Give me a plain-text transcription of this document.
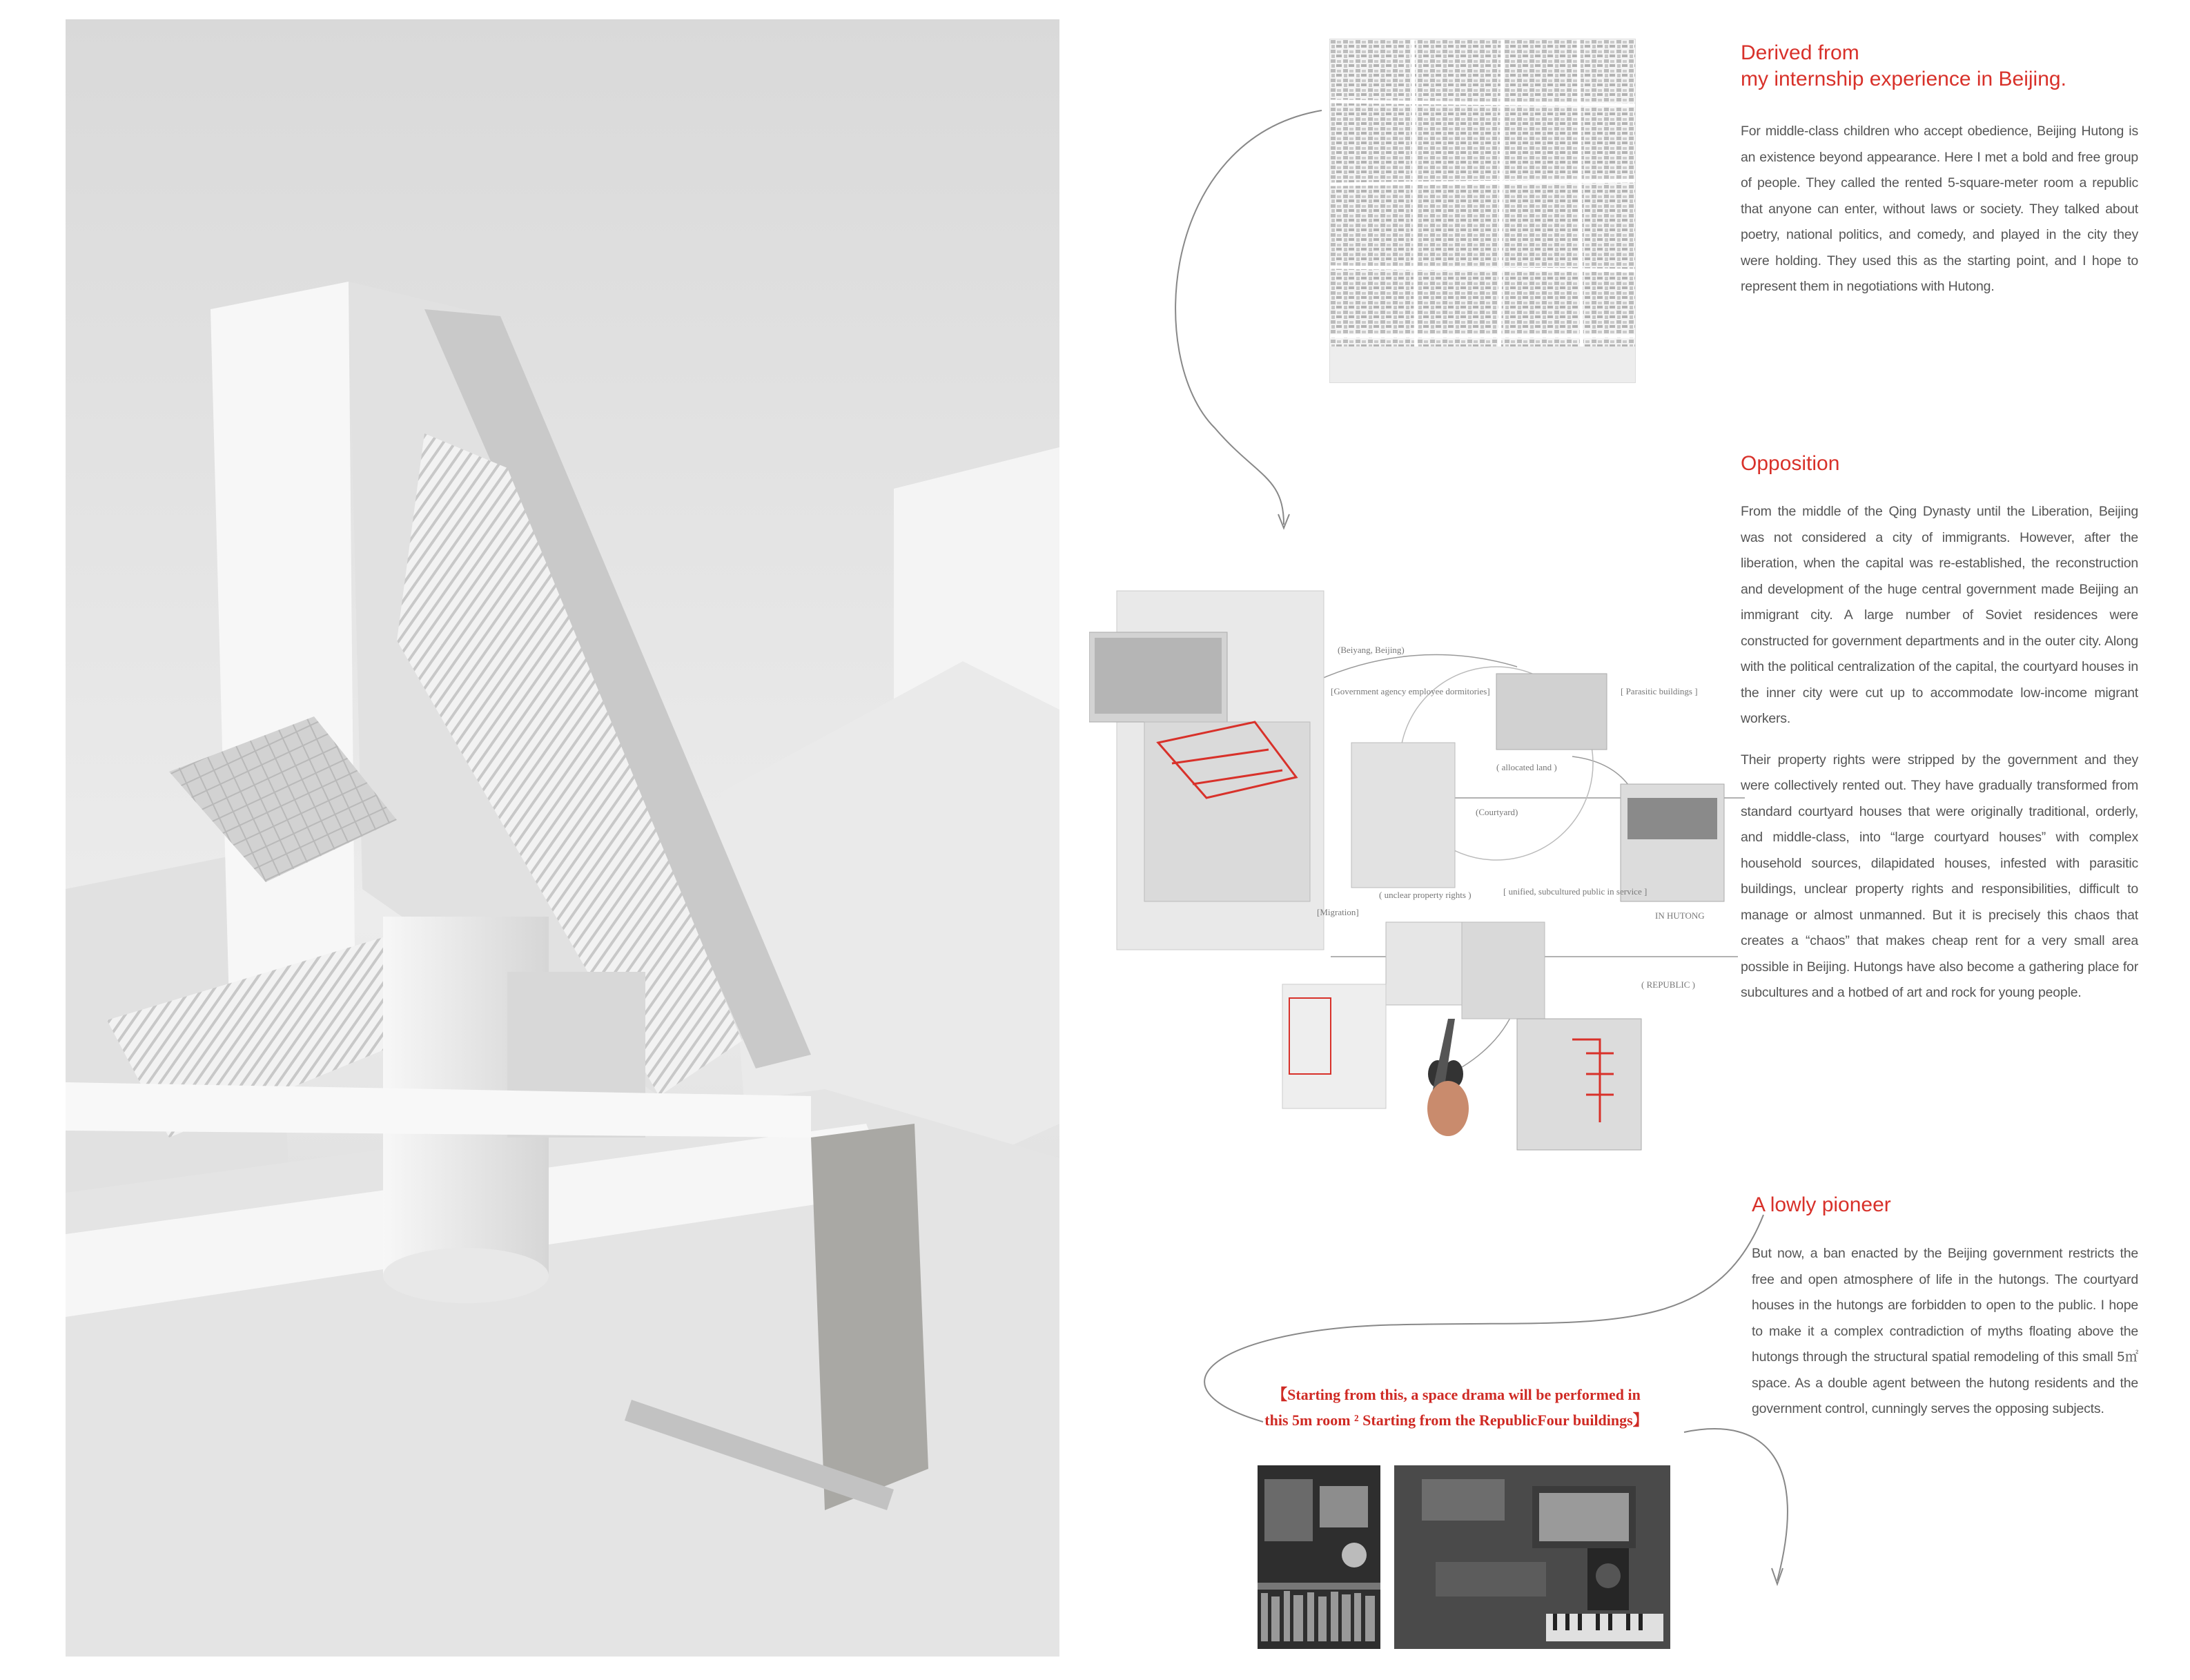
(Beiyang, Beijing)
[Government agency employee dormitories]	[ Parasitic buildings ]
( allocated land )
(Courtyard)
( unclear property rights )	[ unified, subcultured public in service ]
IN HUTONG
( REPUBLIC )
[Migration]
Derived from
my internship experience in Beijing.

For middle-class children who accept obedience, Beijing Hutong is an existence beyond appearance. Here I met a bold and free group of people. They called the rented 5-square-meter room a republic that anyone can enter, without laws or society. They talked about poetry, national politics, and comedy, and played in the city they were holding. They used this as the starting point, and I hope to represent them in negotiations with Hutong.

Opposition

From the middle of the Qing Dynasty until the Liberation, Beijing was not considered a city of immigrants. However, after the liberation, when the capital was re-established, the reconstruction and development of the huge central government made Beijing an immigrant city. A large number of Soviet residences were constructed for government departments and in the outer city. Along with the political centralization of the capital, the courtyard houses in the inner city were cut up to accommodate low-income migrant workers.

Their property rights were stripped by the government and they were collectively rented out. They have gradually transformed from standard courtyard houses that were originally traditional, orderly, and middle-class, into “large courtyard houses” with complex household sources, dilapidated houses, infested with parasitic buildings, unclear property rights and responsibilities, difficult to manage or almost unmanned. But it is precisely this chaos that creates a “chaos” that makes cheap rent for a very small area possible in Beijing. Hutongs have also become a gathering place for subcultures and a hotbed of art and rock for young people.

A lowly pioneer

But now, a ban enacted by the Beijing government restricts the free and open atmosphere of life in the hutongs. The courtyard houses in the hutongs are forbidden to open to the public. I hope to make it a complex contradiction of myths floating above the hutongs through the structural spatial remodeling of this small 5㎡ space. As a double agent between the hutong residents and the government control, cunningly serves the opposing subjects.

【Starting from this, a space drama will be performed in
this 5m room ² Starting from the RepublicFour buildings】
